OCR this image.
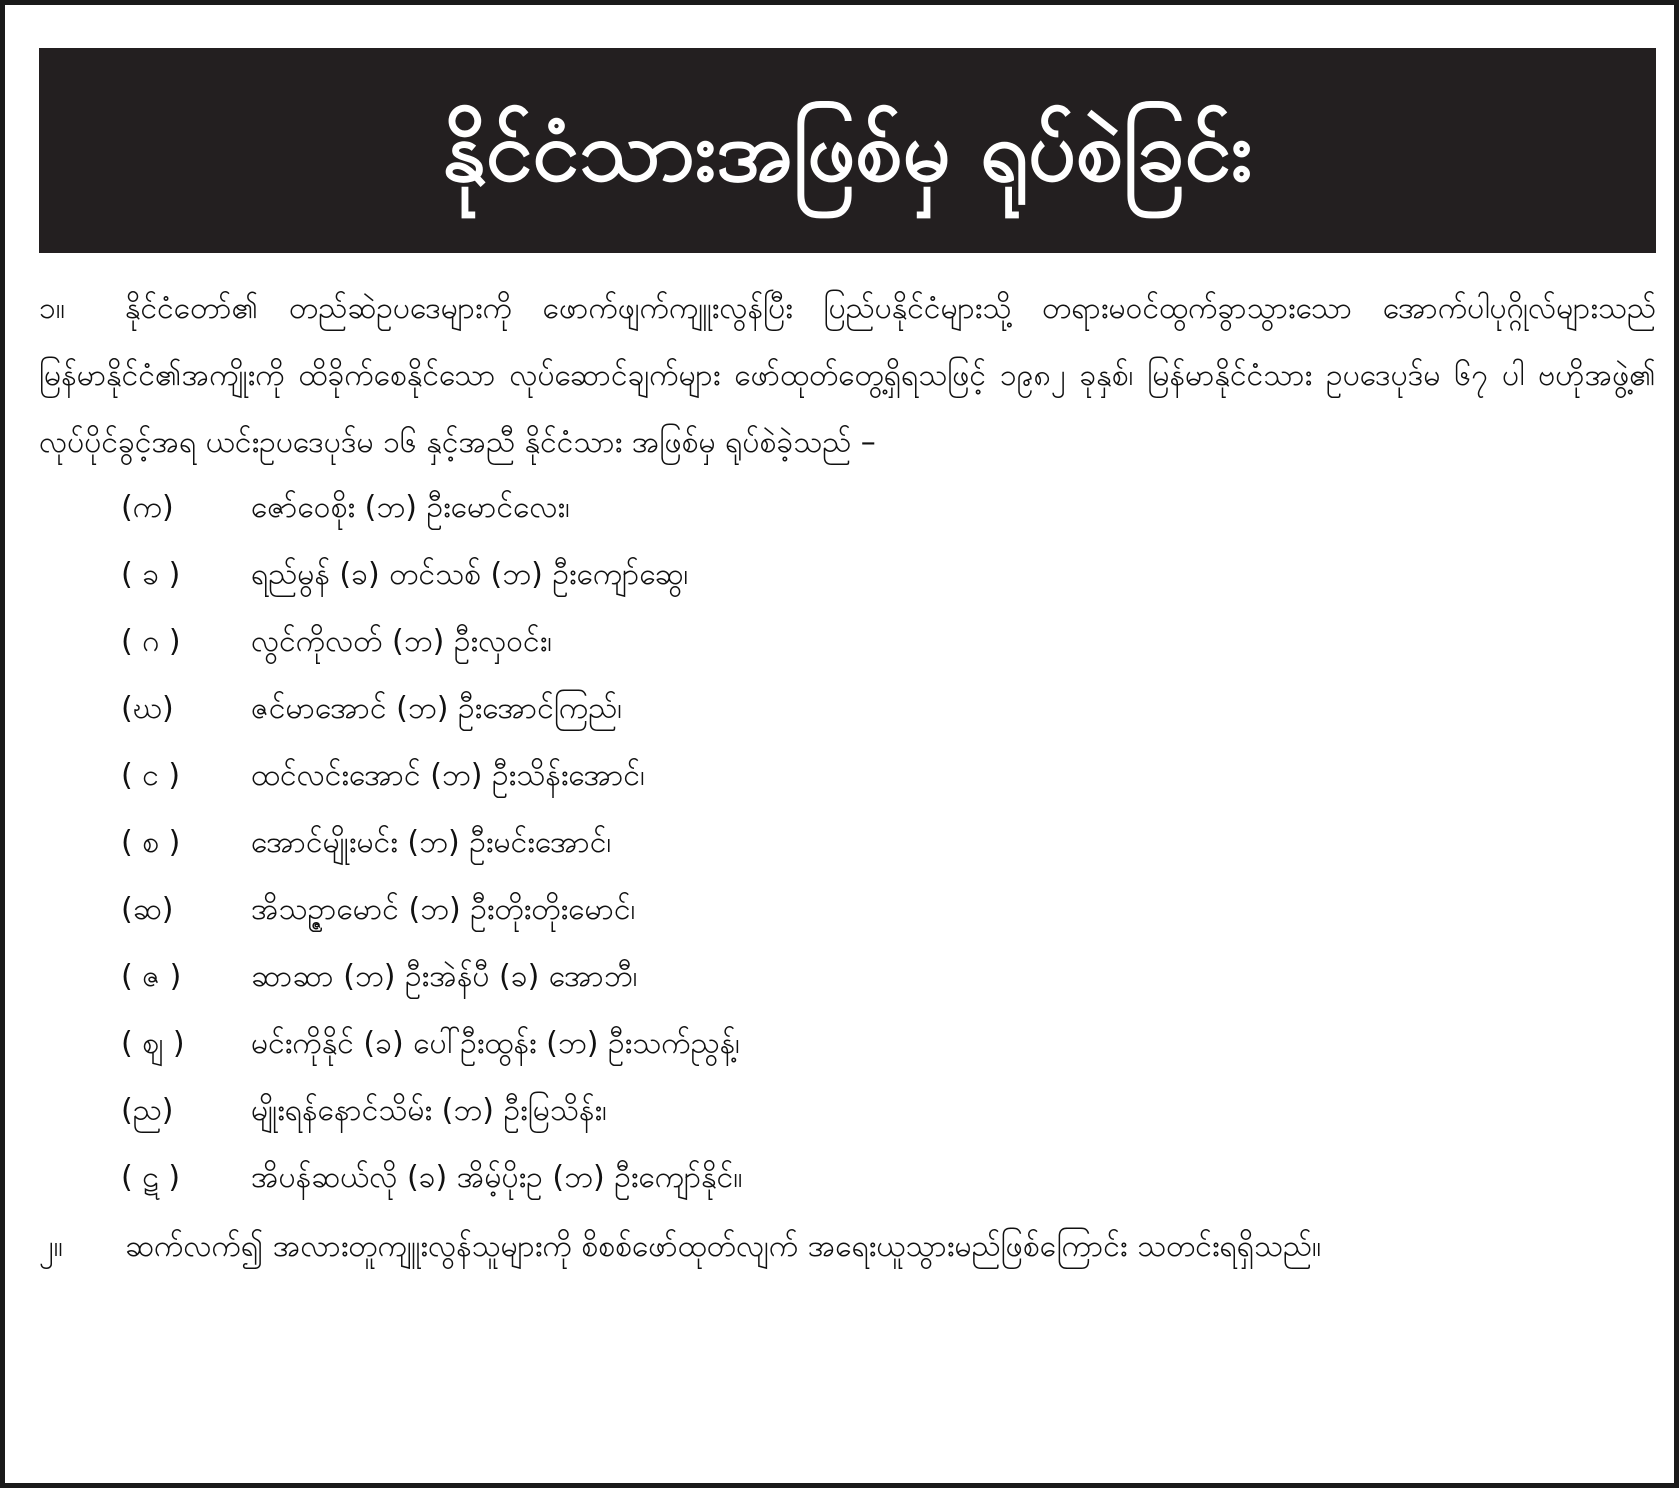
နိုင်ငံသားအဖြစ်မှ ရုပ်စဲခြင်း

၁။ နိုင်ငံတော်၏ တည်ဆဲဥပဒေများကို ဖောက်ဖျက်ကျူးလွန်ပြီး ပြည်ပနိုင်ငံများသို့ တရားမဝင်ထွက်ခွာသွားသော အောက်ပါပုဂ္ဂိုလ်များသည် မြန်မာနိုင်ငံ၏အကျိုးကို ထိခိုက်စေနိုင်သော လုပ်ဆောင်ချက်များ ဖော်ထုတ်တွေ့ရှိရသဖြင့် ၁၉၈၂ ခုနှစ်၊ မြန်မာနိုင်ငံသား ဥပဒေပုဒ်မ ၆၇ ပါ ဗဟိုအဖွဲ့၏ လုပ်ပိုင်ခွင့်အရ ယင်းဥပဒေပုဒ်မ ၁၆ နှင့်အညီ နိုင်ငံသား အဖြစ်မှ ရုပ်စဲခဲ့သည် –

(က)	ဇော်ဝေစိုး (ဘ) ဦးမောင်လေး၊
( ခ )	ရည်မွန် (ခ) တင်သစ် (ဘ) ဦးကျော်ဆွေ၊
( ဂ )	လွင်ကိုလတ် (ဘ) ဦးလှဝင်း၊
(ဃ)	ဇင်မာအောင် (ဘ) ဦးအောင်ကြည်၊
( င )	ထင်လင်းအောင် (ဘ) ဦးသိန်းအောင်၊
( စ )	အောင်မျိုးမင်း (ဘ) ဦးမင်းအောင်၊
(ဆ)	အိသဉ္ဇာမောင် (ဘ) ဦးတိုးတိုးမောင်၊
( ဇ )	ဆာဆာ (ဘ) ဦးအဲန်ပီ (ခ) အောဘီ၊
( ဈ )	မင်းကိုနိုင် (ခ) ပေါ်ဦးထွန်း (ဘ) ဦးသက်ညွန့်၊
(ည)	မျိုးရန်နောင်သိမ်း (ဘ) ဦးမြသိန်း၊
( ဋ )	အိပန်ဆယ်လို (ခ) အိမ့်ပိုးဥ (ဘ) ဦးကျော်နိုင်။

၂။ ဆက်လက်၍ အလားတူကျူးလွန်သူများကို စိစစ်ဖော်ထုတ်လျက် အရေးယူသွားမည်ဖြစ်ကြောင်း သတင်းရရှိသည်။
